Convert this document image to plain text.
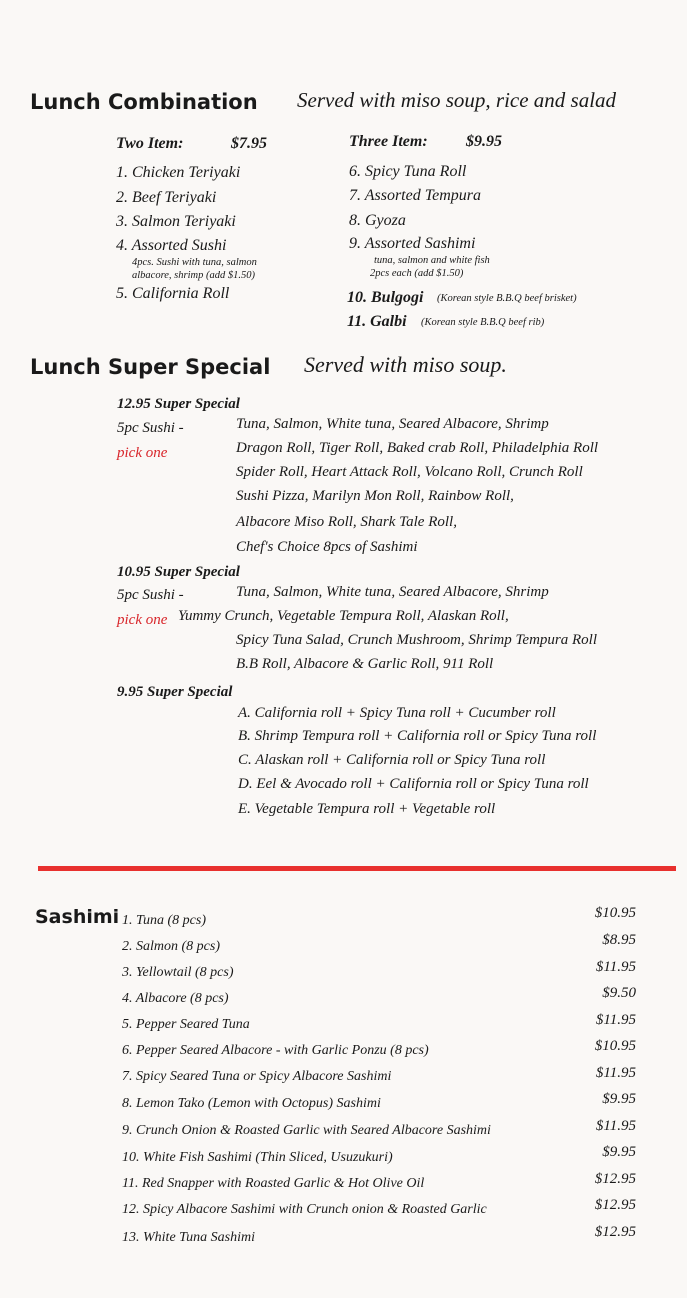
Lunch Combination Served with miso soup, rice and salad
Two Item:	$7.95
1. Chicken Teriyaki
2. Beef Teriyaki
3. Salmon Teriyaki
4. Assorted Sushi
4pcs. Sushi with tuna, salmon
albacore, shrimp (add $1.50)
5. California Roll
Three Item: $9.95
6. Spicy Tuna Roll
7. Assorted Tempura
8. Gyoza
9. Assorted Sashimi
tuna, salmon and white fish
2pcs each (add $1.50)
10. Bulgogi (Korean style B.B.Q beef brisket)
11. Galbi (Korean style B.B.Q beef rib)
Lunch Super Special Served with miso soup.
12.95 Super Special
5pc Sushi -
pick one
Tuna, Salmon, White tuna, Seared Albacore, Shrimp
Dragon Roll, Tiger Roll, Baked crab Roll, Philadelphia Roll
Spider Roll, Heart Attack Roll, Volcano Roll, Crunch Roll
Sushi Pizza, Marilyn Mon Roll, Rainbow Roll,
Albacore Miso Roll, Shark Tale Roll,
Chef's Choice 8pcs of Sashimi
10.95 Super Special
5pc Sushi -
pick one
Tuna, Salmon, White tuna, Seared Albacore, Shrimp
Yummy Crunch, Vegetable Tempura Roll, Alaskan Roll,
Spicy Tuna Salad, Crunch Mushroom, Shrimp Tempura Roll
B.B Roll, Albacore & Garlic Roll, 911 Roll
9.95 Super Special
A. California roll + Spicy Tuna roll + Cucumber roll
B. Shrimp Tempura roll + California roll or Spicy Tuna roll
C. Alaskan roll + California roll or Spicy Tuna roll
D. Eel & Avocado roll + California roll or Spicy Tuna roll
E. Vegetable Tempura roll + Vegetable roll
Sashimi 1. Tuna (8 pcs)	$10.95
2. Salmon (8 pcs)	$8.95
3. Yellowtail (8 pcs)	$11.95
4. Albacore (8 pcs)	$9.50
5. Pepper Seared Tuna	$11.95
6. Pepper Seared Albacore - with Garlic Ponzu (8 pcs)	$10.95
7. Spicy Seared Tuna or Spicy Albacore Sashimi	$11.95
8. Lemon Tako (Lemon with Octopus) Sashimi	$9.95
9. Crunch Onion & Roasted Garlic with Seared Albacore Sashimi	$11.95
10. White Fish Sashimi (Thin Sliced, Usuzukuri)	$9.95
11. Red Snapper with Roasted Garlic & Hot Olive Oil	$12.95
12. Spicy Albacore Sashimi with Crunch onion & Roasted Garlic	$12.95
13. White Tuna Sashimi	$12.95
